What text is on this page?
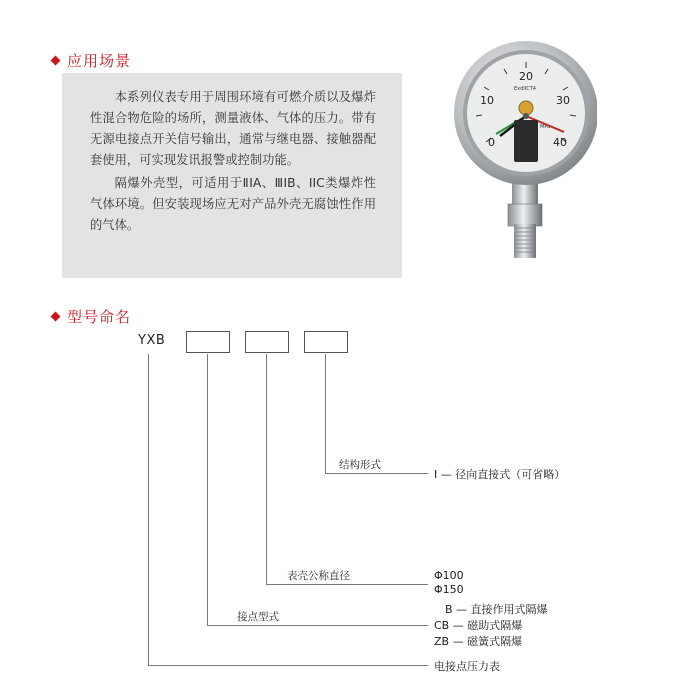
应用场景

本系列仪表专用于周围环境有可燃介质以及爆炸性混合物危险的场所，测量液体、气体的压力。带有无源电接点开关信号输出，通常与继电器、接触器配套使用，可实现发讯报警或控制功能。

隔爆外壳型，可适用于ⅡIA、ⅢIB、IIC类爆炸性气体环境。但安装现场应无对产品外壳无腐蚀性作用的气体。

0
10
20
30
40
ExdIICT4
MPa
型号命名
YXB
结构形式
表壳公称直径
接点型式
Ⅰ — 径向直接式（可省略）
Φ100
Φ150
B — 直接作用式隔爆
CB — 磁助式隔爆
ZB — 磁簧式隔爆
电接点压力表
